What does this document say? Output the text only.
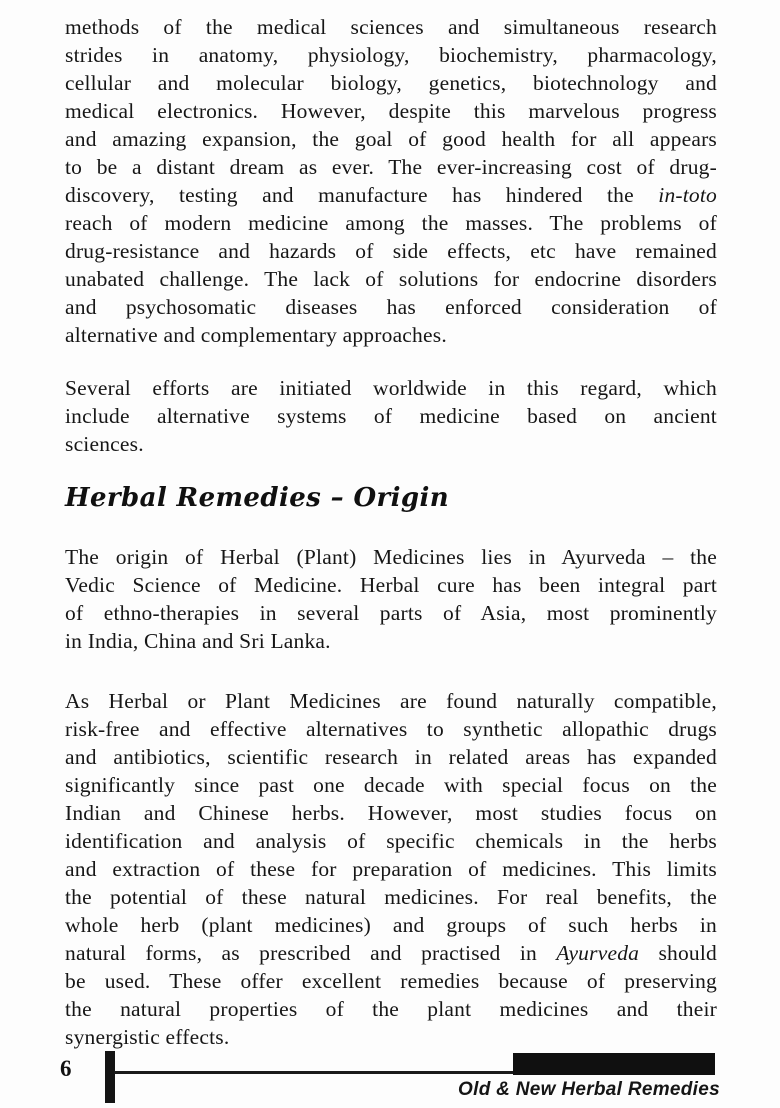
methods of the medical sciences and simultaneous research
strides in anatomy, physiology, biochemistry, pharmacology,
cellular and molecular biology, genetics, biotechnology and
medical electronics. However, despite this marvelous progress
and amazing expansion, the goal of good health for all appears
to be a distant dream as ever. The ever-increasing cost of drug-
discovery, testing and manufacture has hindered the in-toto
reach of modern medicine among the masses. The problems of
drug-resistance and hazards of side effects, etc have remained
unabated challenge. The lack of solutions for endocrine disorders
and psychosomatic diseases has enforced consideration of
alternative and complementary approaches.
Several efforts are initiated worldwide in this regard, which
include alternative systems of medicine based on ancient
sciences.
Herbal Remedies – Origin
The origin of Herbal (Plant) Medicines lies in Ayurveda – the
Vedic Science of Medicine. Herbal cure has been integral part
of ethno-therapies in several parts of Asia, most prominently
in India, China and Sri Lanka.
As Herbal or Plant Medicines are found naturally compatible,
risk-free and effective alternatives to synthetic allopathic drugs
and antibiotics, scientific research in related areas has expanded
significantly since past one decade with special focus on the
Indian and Chinese herbs. However, most studies focus on
identification and analysis of specific chemicals in the herbs
and extraction of these for preparation of medicines. This limits
the potential of these natural medicines. For real benefits, the
whole herb (plant medicines) and groups of such herbs in
natural forms, as prescribed and practised in Ayurveda should
be used. These offer excellent remedies because of preserving
the natural properties of the plant medicines and their
synergistic effects.
6
Old & New Herbal Remedies
